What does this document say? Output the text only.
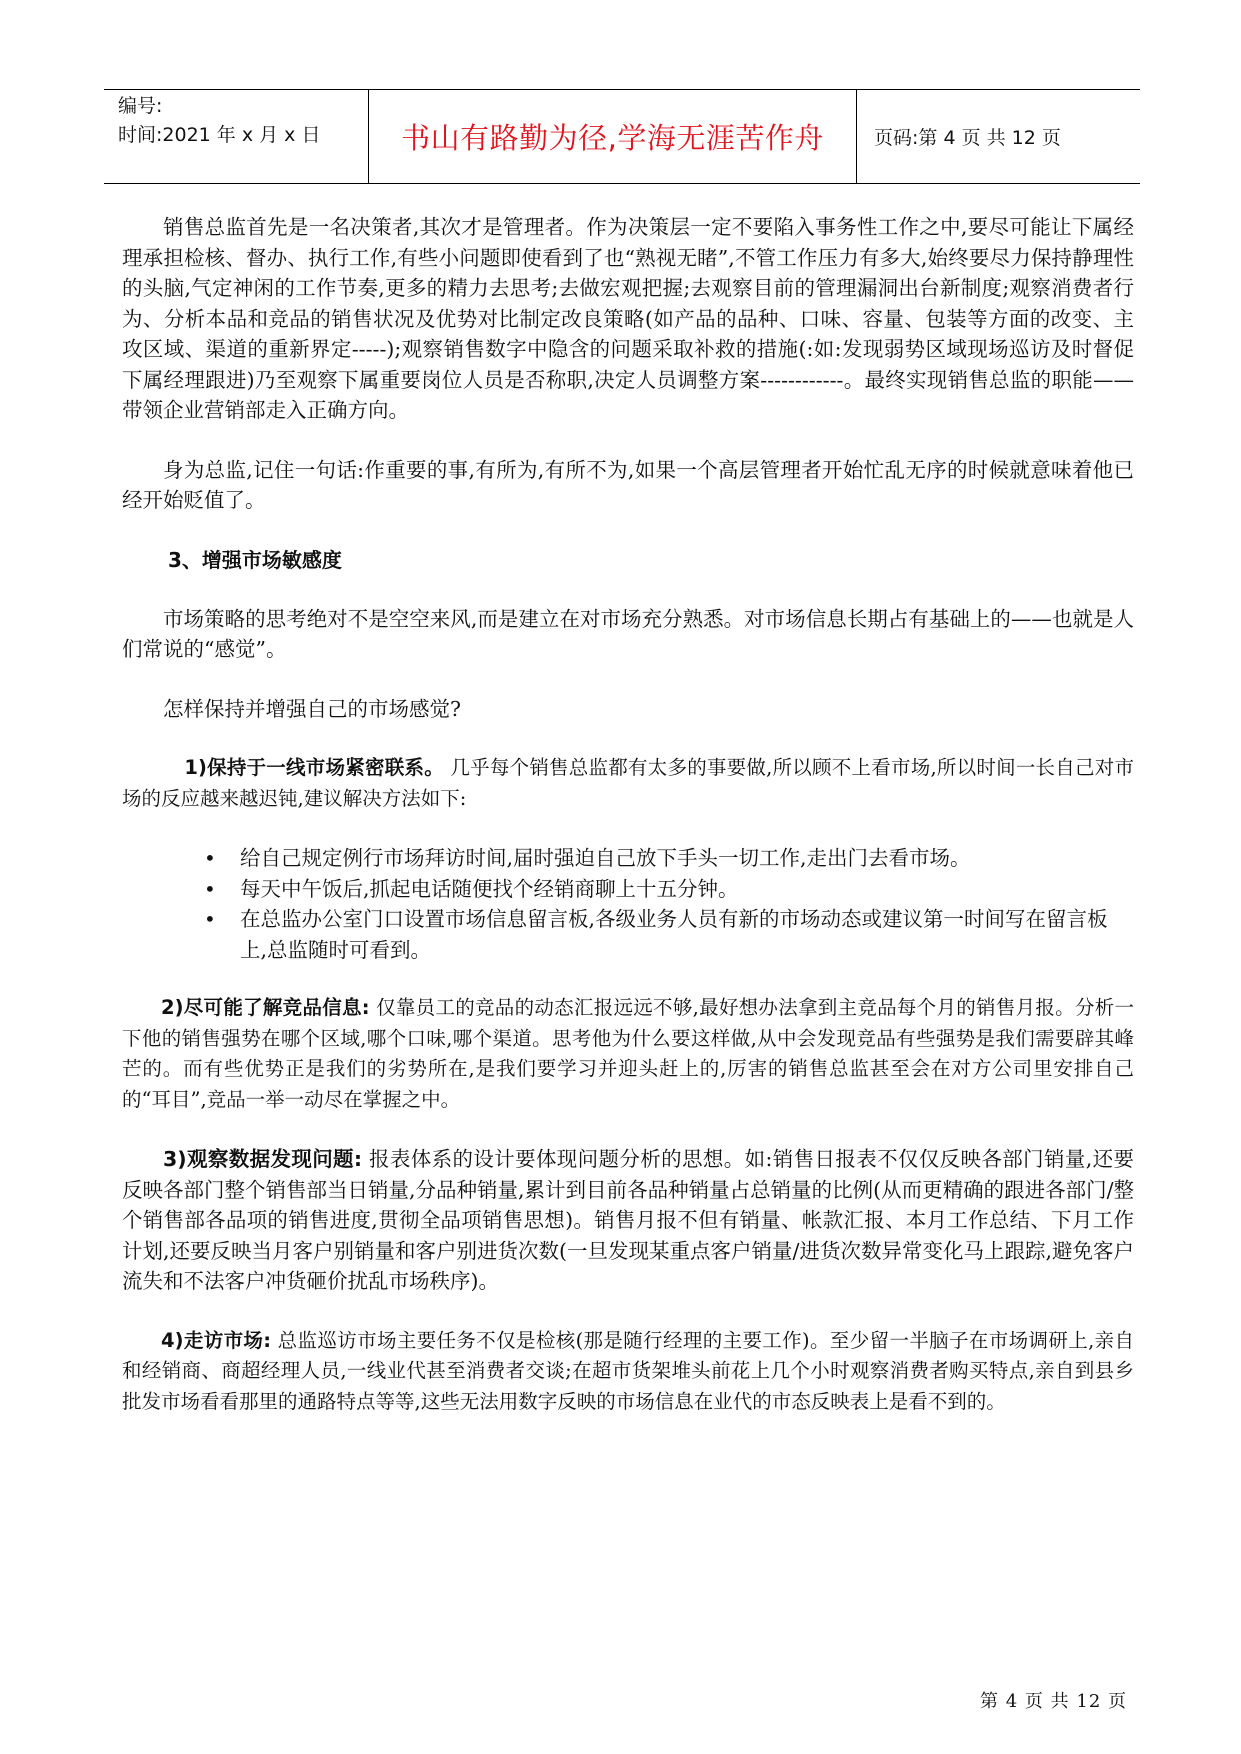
编号:
时间:2021 年 x 月 x 日	书山有路勤为径,学海无涯苦作舟	页码:第 4 页 共 12 页

销售总监首先是一名决策者,其次才是管理者。作为决策层一定不要陷入事务性工作之中,要尽可能让下属经理承担检核、督办、执行工作,有些小问题即使看到了也“熟视无睹”,不管工作压力有多大,始终要尽力保持静理性的头脑,气定神闲的工作节奏,更多的精力去思考;去做宏观把握;去观察目前的管理漏洞出台新制度;观察消费者行为、分析本品和竞品的销售状况及优势对比制定改良策略(如产品的品种、口味、容量、包装等方面的改变、主攻区域、渠道的重新界定-----);观察销售数字中隐含的问题采取补救的措施(:如:发现弱势区域现场巡访及时督促下属经理跟进)乃至观察下属重要岗位人员是否称职,决定人员调整方案------------。最终实现销售总监的职能——带领企业营销部走入正确方向。

身为总监,记住一句话:作重要的事,有所为,有所不为,如果一个高层管理者开始忙乱无序的时候就意味着他已经开始贬值了。

3、增强市场敏感度

市场策略的思考绝对不是空空来风,而是建立在对市场充分熟悉。对市场信息长期占有基础上的——也就是人们常说的“感觉”。

怎样保持并增强自己的市场感觉?

1)保持于一线市场紧密联系。 几乎每个销售总监都有太多的事要做,所以顾不上看市场,所以时间一长自己对市场的反应越来越迟钝,建议解决方法如下:

• 给自己规定例行市场拜访时间,届时强迫自己放下手头一切工作,走出门去看市场。
• 每天中午饭后,抓起电话随便找个经销商聊上十五分钟。
• 在总监办公室门口设置市场信息留言板,各级业务人员有新的市场动态或建议第一时间写在留言板上,总监随时可看到。

2)尽可能了解竞品信息: 仅靠员工的竞品的动态汇报远远不够,最好想办法拿到主竞品每个月的销售月报。分析一下他的销售强势在哪个区域,哪个口味,哪个渠道。思考他为什么要这样做,从中会发现竞品有些强势是我们需要辟其峰芒的。而有些优势正是我们的劣势所在,是我们要学习并迎头赶上的,厉害的销售总监甚至会在对方公司里安排自己的“耳目”,竞品一举一动尽在掌握之中。

3)观察数据发现问题: 报表体系的设计要体现问题分析的思想。如:销售日报表不仅仅反映各部门销量,还要反映各部门整个销售部当日销量,分品种销量,累计到目前各品种销量占总销量的比例(从而更精确的跟进各部门/整个销售部各品项的销售进度,贯彻全品项销售思想)。销售月报不但有销量、帐款汇报、本月工作总结、下月工作计划,还要反映当月客户别销量和客户别进货次数(一旦发现某重点客户销量/进货次数异常变化马上跟踪,避免客户流失和不法客户冲货砸价扰乱市场秩序)。

4)走访市场: 总监巡访市场主要任务不仅是检核(那是随行经理的主要工作)。至少留一半脑子在市场调研上,亲自和经销商、商超经理人员,一线业代甚至消费者交谈;在超市货架堆头前花上几个小时观察消费者购买特点,亲自到县乡批发市场看看那里的通路特点等等,这些无法用数字反映的市场信息在业代的市态反映表上是看不到的。

第 4 页 共 12 页
